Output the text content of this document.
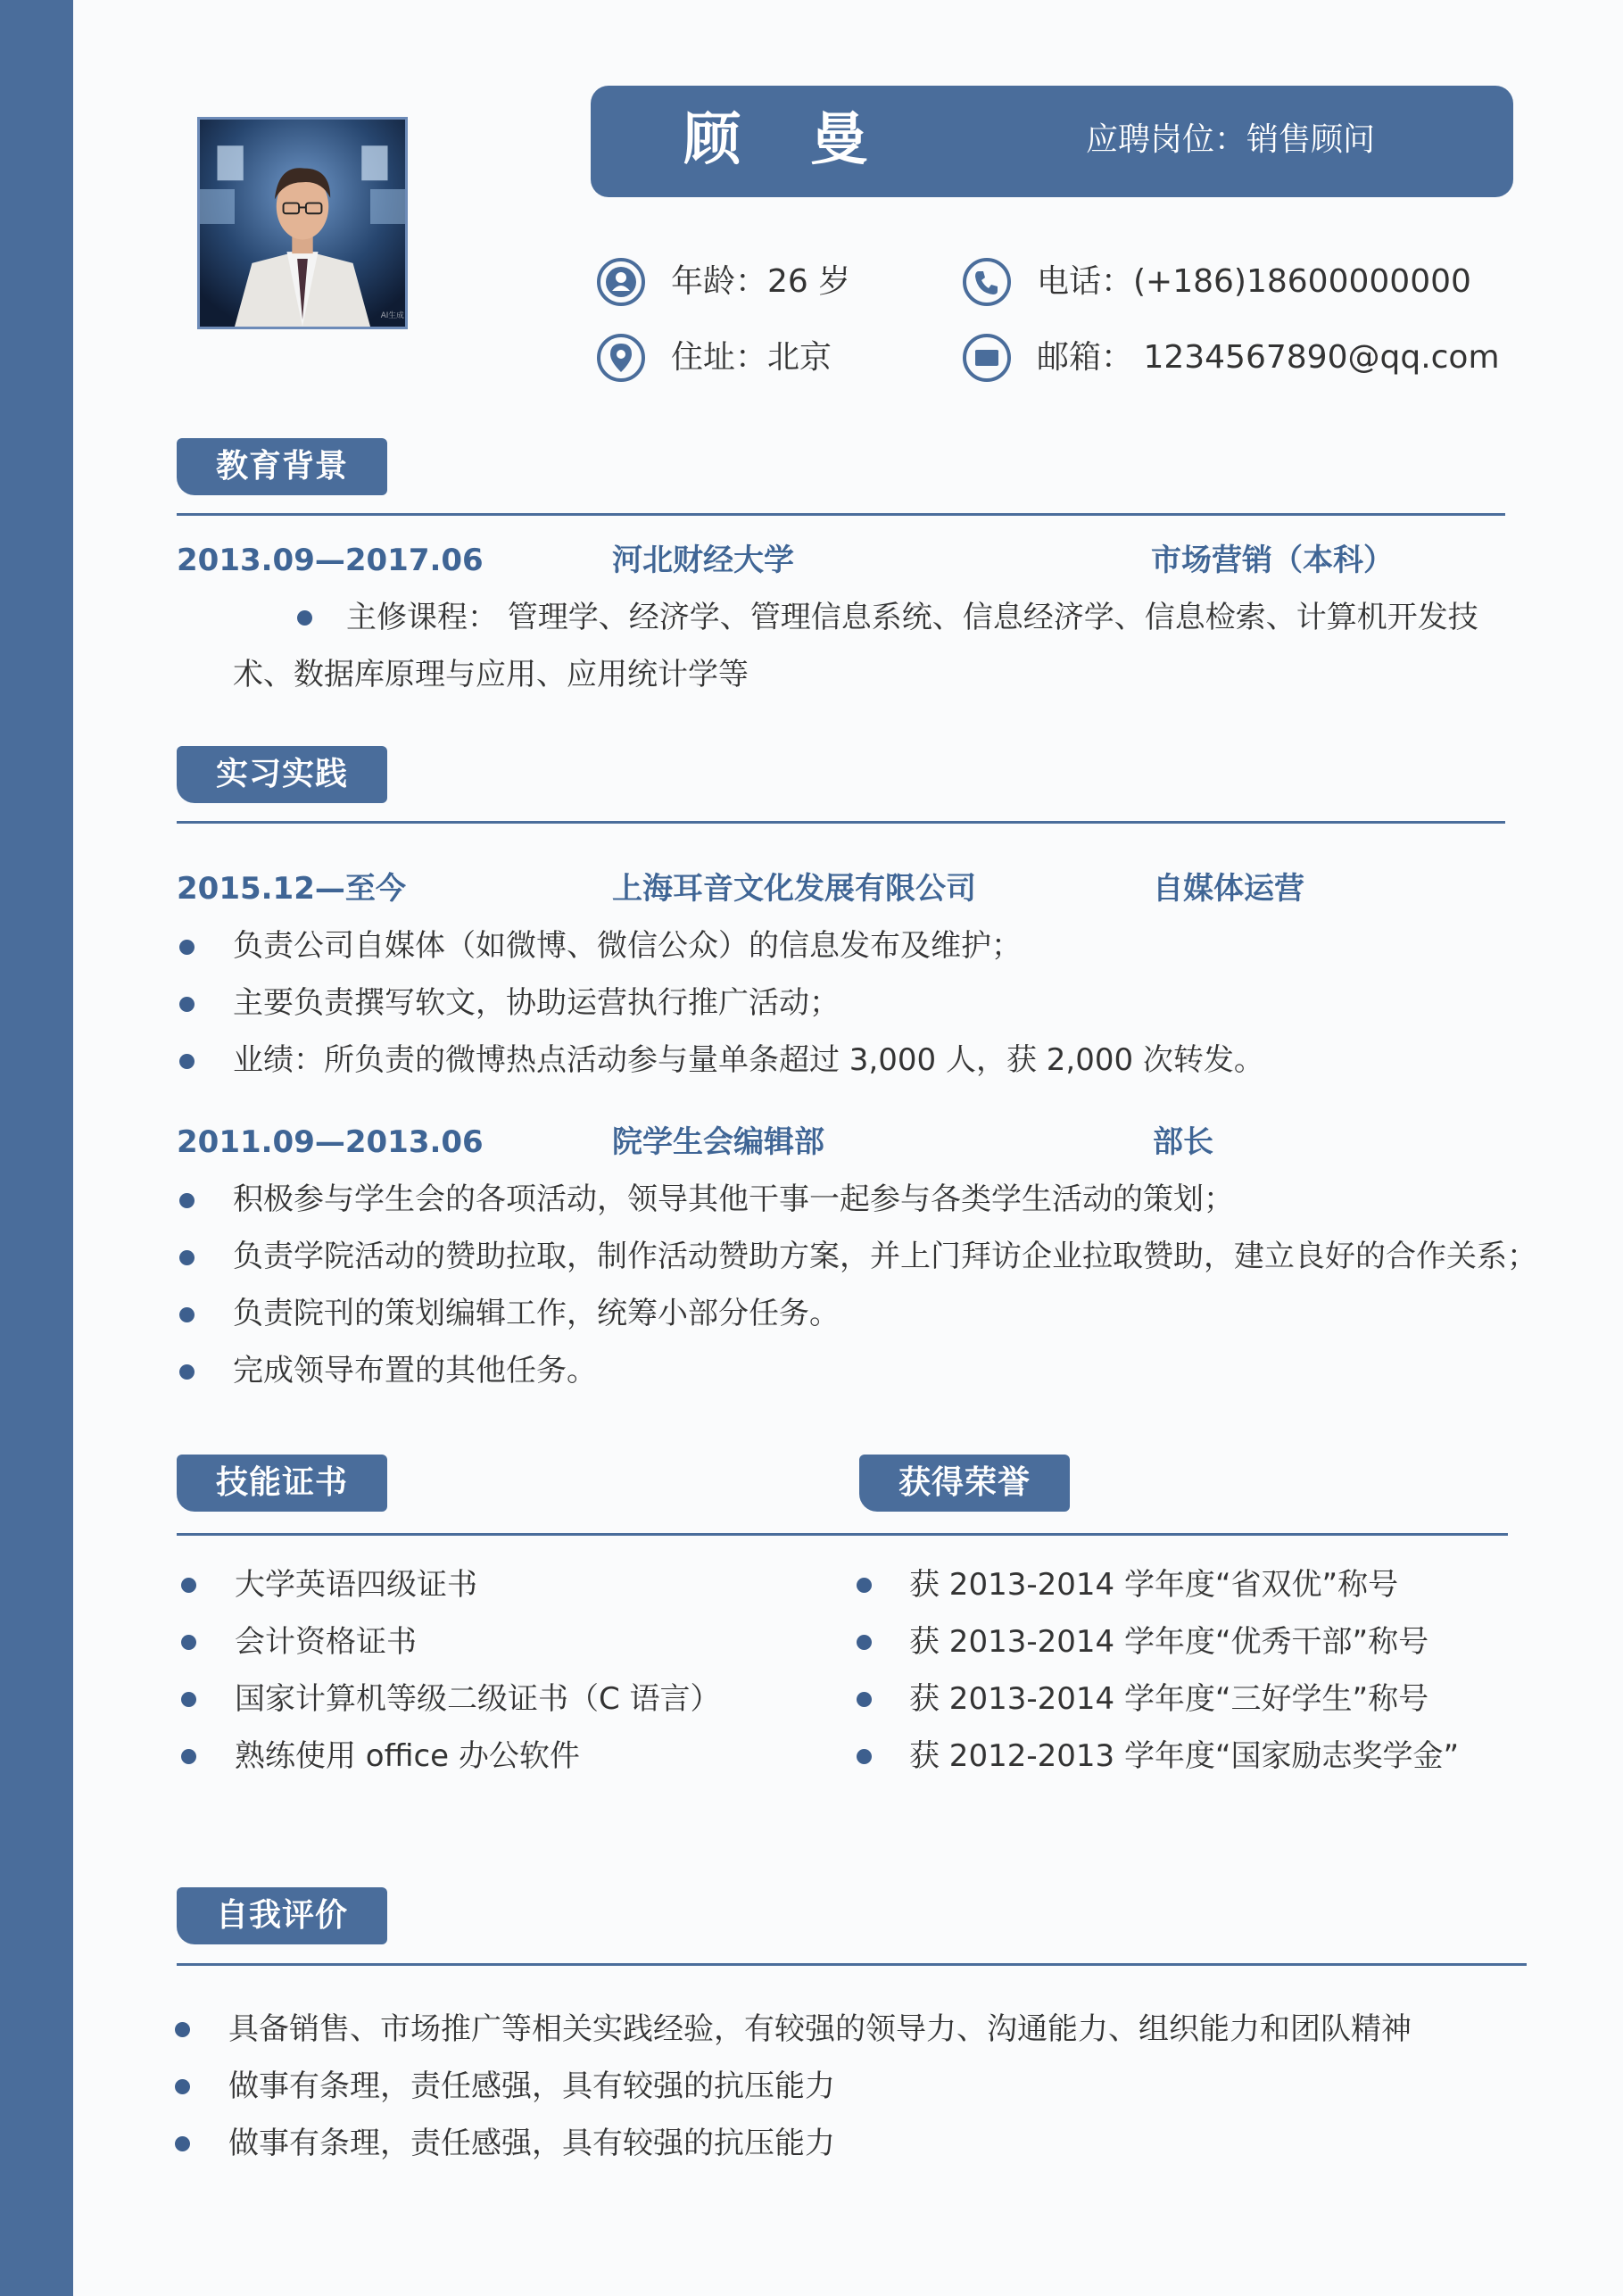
AI生成
顾 曼	应聘岗位：销售顾问
年龄：26 岁	电话：(+186)18600000000
住址：北京	邮箱： 1234567890@qq.com
教育背景
2013.09—2017.06	河北财经大学	市场营销（本科）
主修课程： 管理学、经济学、管理信息系统、信息经济学、信息检索、计算机开发技
术、数据库原理与应用、应用统计学等
实习实践
2015.12—至今	上海耳音文化发展有限公司	自媒体运营
负责公司自媒体（如微博、微信公众）的信息发布及维护；
主要负责撰写软文，协助运营执行推广活动；
业绩：所负责的微博热点活动参与量单条超过 3,000 人，获 2,000 次转发。
2011.09—2013.06	院学生会编辑部	部长
积极参与学生会的各项活动，领导其他干事一起参与各类学生活动的策划；
负责学院活动的赞助拉取，制作活动赞助方案，并上门拜访企业拉取赞助，建立良好的合作关系；
负责院刊的策划编辑工作，统筹小部分任务。
完成领导布置的其他任务。
技能证书	获得荣誉
大学英语四级证书
会计资格证书
国家计算机等级二级证书（C 语言）
熟练使用 office 办公软件
获 2013-2014 学年度“省双优”称号
获 2013-2014 学年度“优秀干部”称号
获 2013-2014 学年度“三好学生”称号
获 2012-2013 学年度“国家励志奖学金”
自我评价
具备销售、市场推广等相关实践经验，有较强的领导力、沟通能力、组织能力和团队精神
做事有条理，责任感强，具有较强的抗压能力
做事有条理，责任感强，具有较强的抗压能力
